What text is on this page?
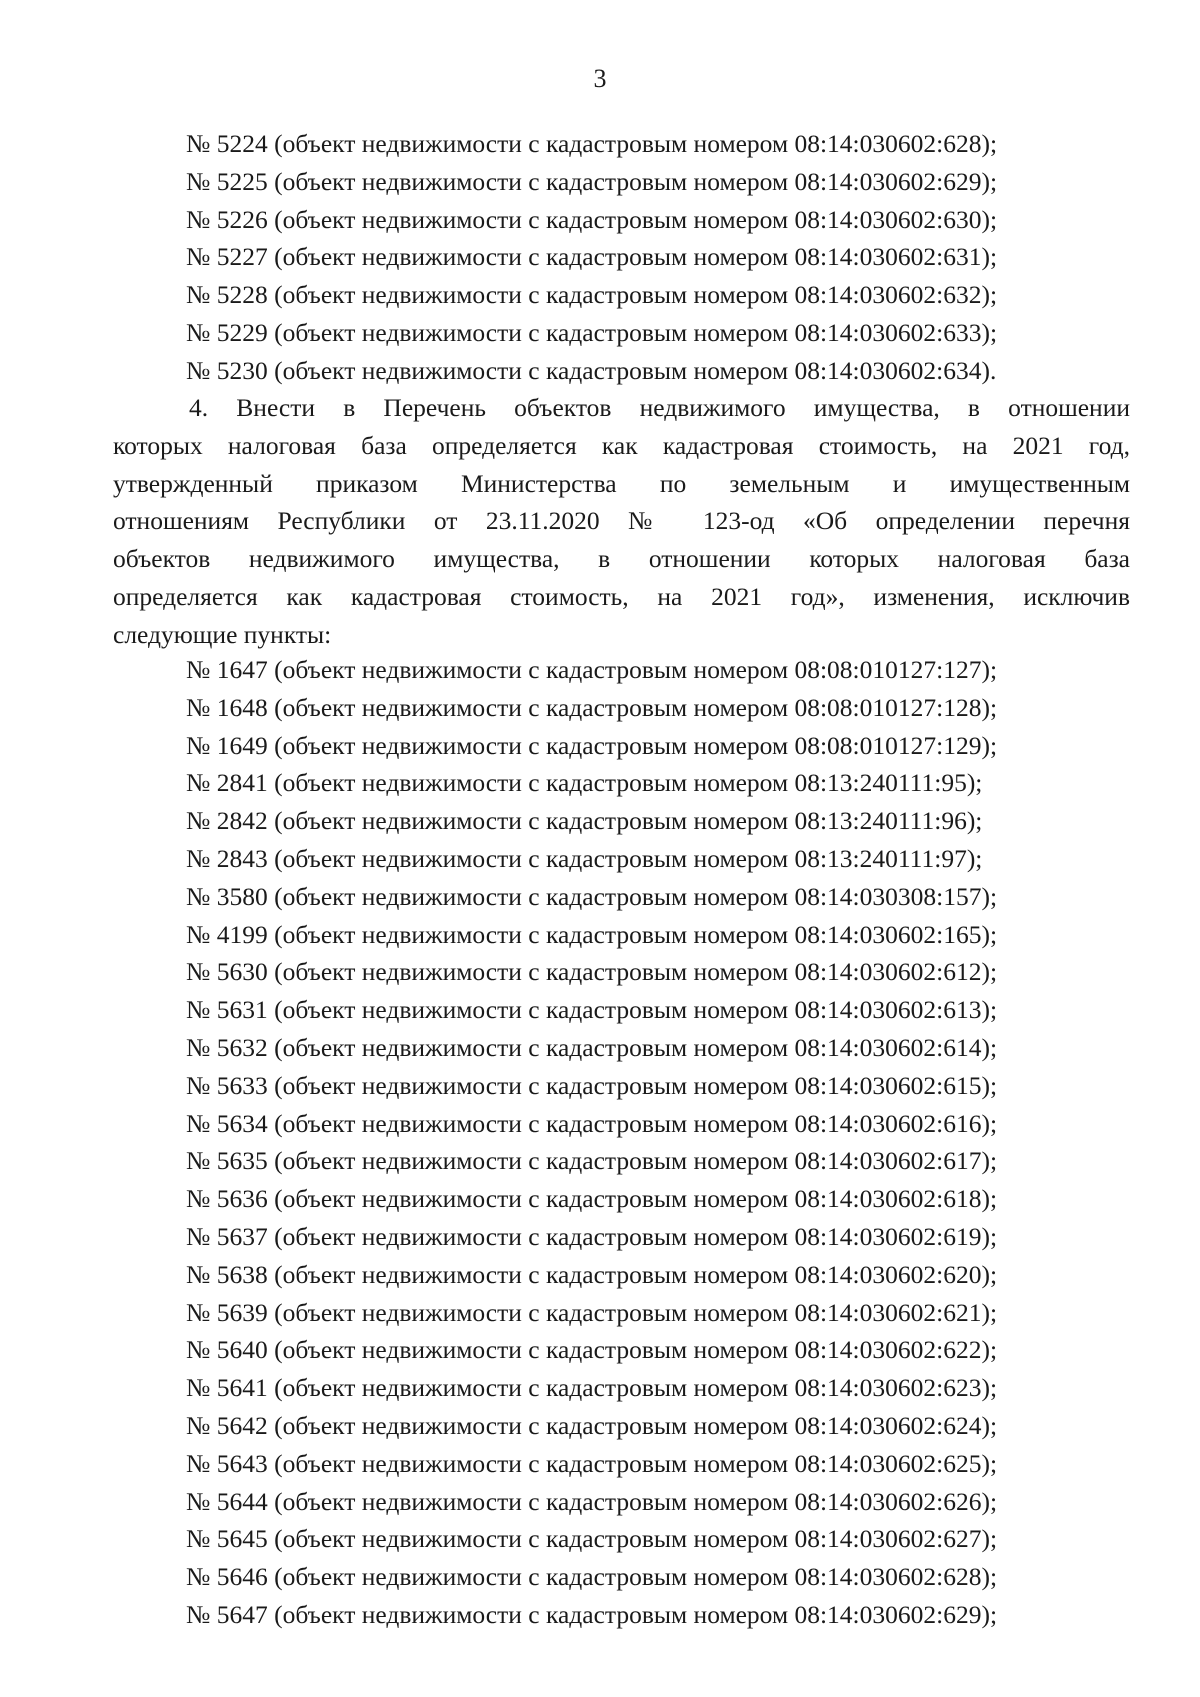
3
№ 5224 (объект недвижимости с кадастровым номером 08:14:030602:628);
№ 5225 (объект недвижимости с кадастровым номером 08:14:030602:629);
№ 5226 (объект недвижимости с кадастровым номером 08:14:030602:630);
№ 5227 (объект недвижимости с кадастровым номером 08:14:030602:631);
№ 5228 (объект недвижимости с кадастровым номером 08:14:030602:632);
№ 5229 (объект недвижимости с кадастровым номером 08:14:030602:633);
№ 5230 (объект недвижимости с кадастровым номером 08:14:030602:634).
4. Внести в Перечень объектов недвижимого имущества, в отношении
которых налоговая база определяется как кадастровая стоимость, на 2021 год,
утвержденный приказом Министерства по земельным и имущественным
отношениям Республики от 23.11.2020 № 123-од «Об определении перечня
объектов недвижимого имущества, в отношении которых налоговая база
определяется как кадастровая стоимость, на 2021 год», изменения, исключив
следующие пункты:
№ 1647 (объект недвижимости с кадастровым номером 08:08:010127:127);
№ 1648 (объект недвижимости с кадастровым номером 08:08:010127:128);
№ 1649 (объект недвижимости с кадастровым номером 08:08:010127:129);
№ 2841 (объект недвижимости с кадастровым номером 08:13:240111:95);
№ 2842 (объект недвижимости с кадастровым номером 08:13:240111:96);
№ 2843 (объект недвижимости с кадастровым номером 08:13:240111:97);
№ 3580 (объект недвижимости с кадастровым номером 08:14:030308:157);
№ 4199 (объект недвижимости с кадастровым номером 08:14:030602:165);
№ 5630 (объект недвижимости с кадастровым номером 08:14:030602:612);
№ 5631 (объект недвижимости с кадастровым номером 08:14:030602:613);
№ 5632 (объект недвижимости с кадастровым номером 08:14:030602:614);
№ 5633 (объект недвижимости с кадастровым номером 08:14:030602:615);
№ 5634 (объект недвижимости с кадастровым номером 08:14:030602:616);
№ 5635 (объект недвижимости с кадастровым номером 08:14:030602:617);
№ 5636 (объект недвижимости с кадастровым номером 08:14:030602:618);
№ 5637 (объект недвижимости с кадастровым номером 08:14:030602:619);
№ 5638 (объект недвижимости с кадастровым номером 08:14:030602:620);
№ 5639 (объект недвижимости с кадастровым номером 08:14:030602:621);
№ 5640 (объект недвижимости с кадастровым номером 08:14:030602:622);
№ 5641 (объект недвижимости с кадастровым номером 08:14:030602:623);
№ 5642 (объект недвижимости с кадастровым номером 08:14:030602:624);
№ 5643 (объект недвижимости с кадастровым номером 08:14:030602:625);
№ 5644 (объект недвижимости с кадастровым номером 08:14:030602:626);
№ 5645 (объект недвижимости с кадастровым номером 08:14:030602:627);
№ 5646 (объект недвижимости с кадастровым номером 08:14:030602:628);
№ 5647 (объект недвижимости с кадастровым номером 08:14:030602:629);
